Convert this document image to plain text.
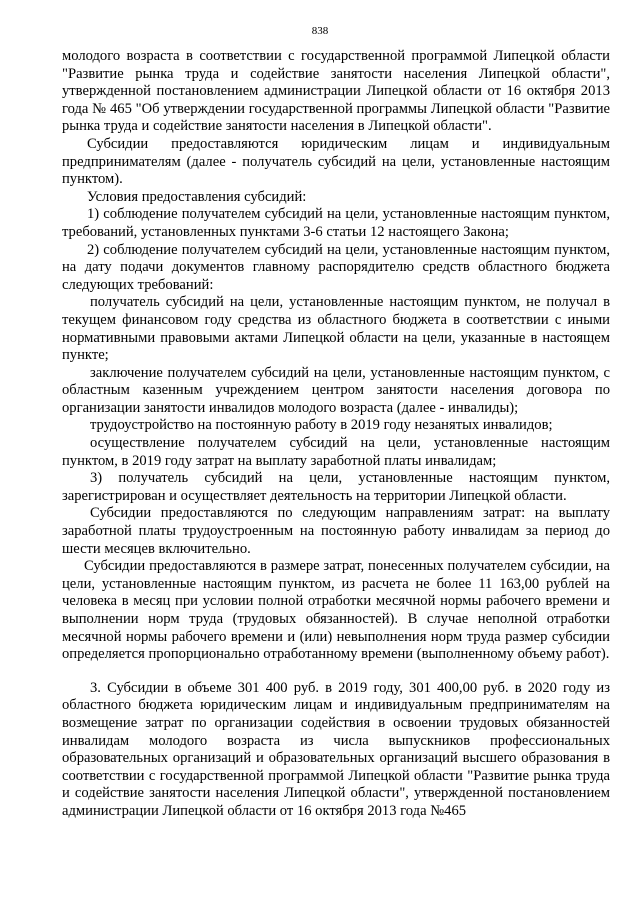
838

молодого возраста в соответствии с государственной программой Липецкой области "Развитие рынка труда и содействие занятости населения Липецкой области", утвержденной постановлением администрации Липецкой области от 16 октября 2013 года № 465 "Об утверждении государственной программы Липецкой области "Развитие рынка труда и содействие занятости населения в Липецкой области".

Субсидии предоставляются юридическим лицам и индивидуальным предпринимателям (далее - получатель субсидий на цели, установленные настоящим пунктом).

Условия предоставления субсидий:

1) соблюдение получателем субсидий на цели, установленные настоящим пунктом, требований, установленных пунктами 3-6 статьи 12 настоящего Закона;

2) соблюдение получателем субсидий на цели, установленные настоящим пунктом, на дату подачи документов главному распорядителю средств областного бюджета следующих требований:

получатель субсидий на цели, установленные настоящим пунктом, не получал в текущем финансовом году средства из областного бюджета в соответствии с иными нормативными правовыми актами Липецкой области на цели, указанные в настоящем пункте;

заключение получателем субсидий на цели, установленные настоящим пунктом, с областным казенным учреждением центром занятости населения договора по организации занятости инвалидов молодого возраста (далее - инвалиды);

трудоустройство на постоянную работу в 2019 году незанятых инвалидов;

осуществление получателем субсидий на цели, установленные настоящим пунктом, в 2019 году затрат на выплату заработной платы инвалидам;

3) получатель субсидий на цели, установленные настоящим пунктом, зарегистрирован и осуществляет деятельность на территории Липецкой области.

Субсидии предоставляются по следующим направлениям затрат: на выплату заработной платы трудоустроенным на постоянную работу инвалидам за период до шести месяцев включительно.

Субсидии предоставляются в размере затрат, понесенных получателем субсидии, на цели, установленные настоящим пунктом, из расчета не более 11 163,00 рублей на человека в месяц при условии полной отработки месячной нормы рабочего времени и выполнении норм труда (трудовых обязанностей). В случае неполной отработки месячной нормы рабочего времени и (или) невыполнения норм труда размер субсидии определяется пропорционально отработанному времени (выполненному объему работ).

3. Субсидии в объеме 301 400 руб. в 2019 году, 301 400,00 руб. в 2020 году из областного бюджета юридическим лицам и индивидуальным предпринимателям на возмещение затрат по организации содействия в освоении трудовых обязанностей инвалидам молодого возраста из числа выпускников профессиональных образовательных организаций и образовательных организаций высшего образования в соответствии с государственной программой Липецкой области "Развитие рынка труда и содействие занятости населения Липецкой области", утвержденной постановлением администрации Липецкой области от 16 октября 2013 года №465
